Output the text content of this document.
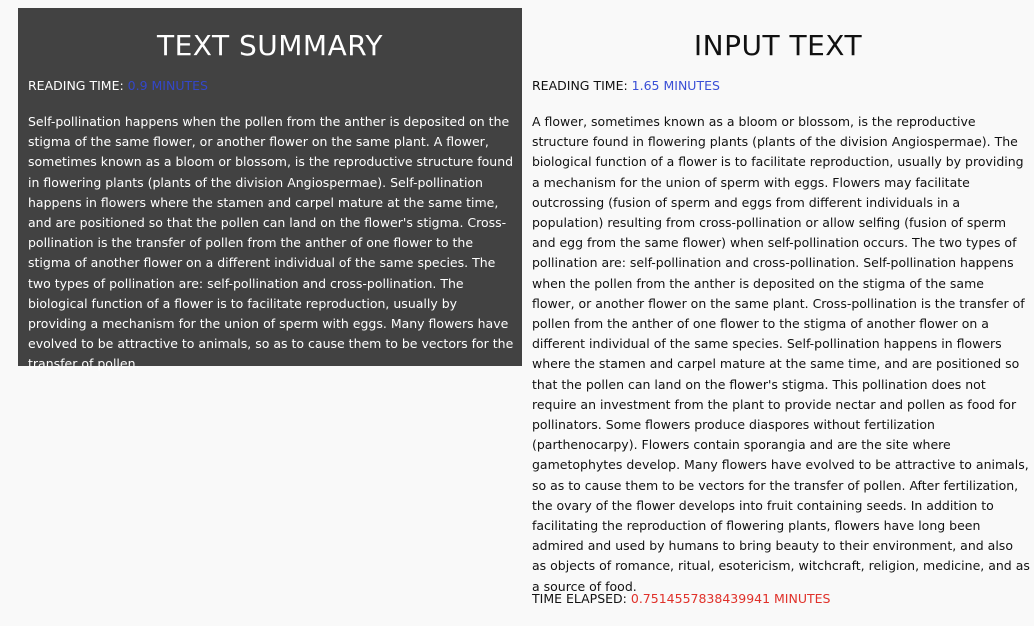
TEXT SUMMARY
READING TIME: 0.9 MINUTES

Self-pollination happens when the pollen from the anther is deposited on the stigma of the same flower, or another flower on the same plant. A flower, sometimes known as a bloom or blossom, is the reproductive structure found in flowering plants (plants of the division Angiospermae). Self-pollination happens in flowers where the stamen and carpel mature at the same time, and are positioned so that the pollen can land on the flower's stigma. Cross-pollination is the transfer of pollen from the anther of one flower to the stigma of another flower on a different individual of the same species. The two types of pollination are: self-pollination and cross-pollination. The biological function of a flower is to facilitate reproduction, usually by providing a mechanism for the union of sperm with eggs. Many flowers have evolved to be attractive to animals, so as to cause them to be vectors for the transfer of pollen.

INPUT TEXT
READING TIME: 1.65 MINUTES

A flower, sometimes known as a bloom or blossom, is the reproductive structure found in flowering plants (plants of the division Angiospermae). The biological function of a flower is to facilitate reproduction, usually by providing a mechanism for the union of sperm with eggs. Flowers may facilitate outcrossing (fusion of sperm and eggs from different individuals in a population) resulting from cross-pollination or allow selfing (fusion of sperm and egg from the same flower) when self-pollination occurs. The two types of pollination are: self-pollination and cross-pollination. Self-pollination happens when the pollen from the anther is deposited on the stigma of the same flower, or another flower on the same plant. Cross-pollination is the transfer of pollen from the anther of one flower to the stigma of another flower on a different individual of the same species. Self-pollination happens in flowers where the stamen and carpel mature at the same time, and are positioned so that the pollen can land on the flower's stigma. This pollination does not require an investment from the plant to provide nectar and pollen as food for pollinators. Some flowers produce diaspores without fertilization (parthenocarpy). Flowers contain sporangia and are the site where gametophytes develop. Many flowers have evolved to be attractive to animals, so as to cause them to be vectors for the transfer of pollen. After fertilization, the ovary of the flower develops into fruit containing seeds. In addition to facilitating the reproduction of flowering plants, flowers have long been admired and used by humans to bring beauty to their environment, and also as objects of romance, ritual, esotericism, witchcraft, religion, medicine, and as a source of food.

TIME ELAPSED: 0.7514557838439941 MINUTES
